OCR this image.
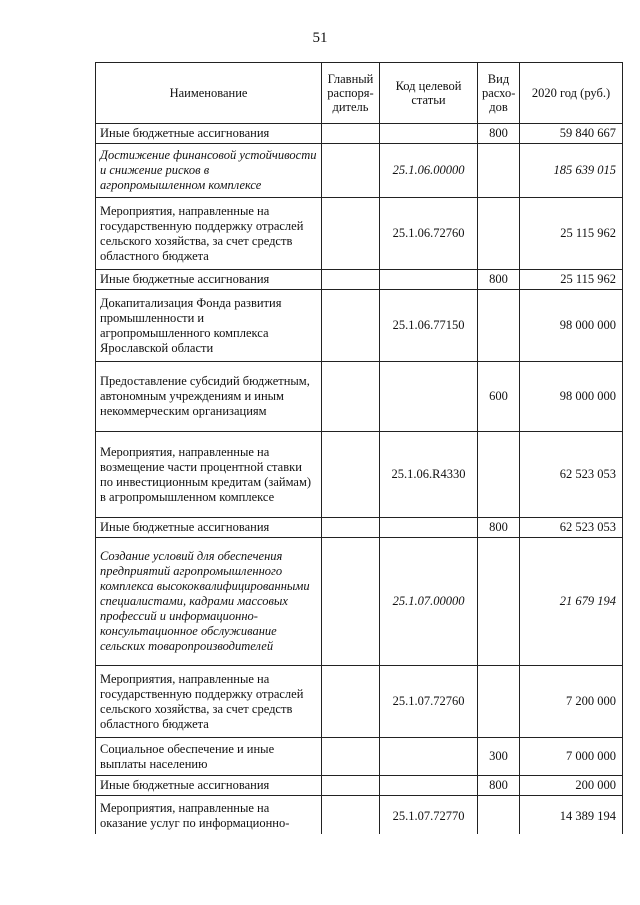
51
Наименование	Главный распоря-дитель	Код целевой статьи	Вид расхо-дов	2020 год (руб.)
Иные бюджетные ассигнования			800	59 840 667
Достижение финансовой устойчивости и снижение рисков в агропромышленном комплексе		25.1.06.00000		185 639 015
Мероприятия, направленные на государственную поддержку отраслей сельского хозяйства, за счет средств областного бюджета		25.1.06.72760		25 115 962
Иные бюджетные ассигнования			800	25 115 962
Докапитализация Фонда развития промышленности и агропромышленного комплекса Ярославской области		25.1.06.77150		98 000 000
Предоставление субсидий бюджетным, автономным учреждениям и иным некоммерческим организациям			600	98 000 000
Мероприятия, направленные на возмещение части процентной ставки по инвестиционным кредитам (займам) в агропромышленном комплексе		25.1.06.R4330		62 523 053
Иные бюджетные ассигнования			800	62 523 053
Создание условий для обеспечения предприятий агропромышленного комплекса высококвалифицированными специалистами, кадрами массовых профессий и информационно-консультационное обслуживание сельских товаропроизводителей		25.1.07.00000		21 679 194
Мероприятия, направленные на государственную поддержку отраслей сельского хозяйства, за счет средств областного бюджета		25.1.07.72760		7 200 000
Социальное обеспечение и иные выплаты населению			300	7 000 000
Иные бюджетные ассигнования			800	200 000
Мероприятия, направленные на оказание услуг по информационно-		25.1.07.72770		14 389 194
